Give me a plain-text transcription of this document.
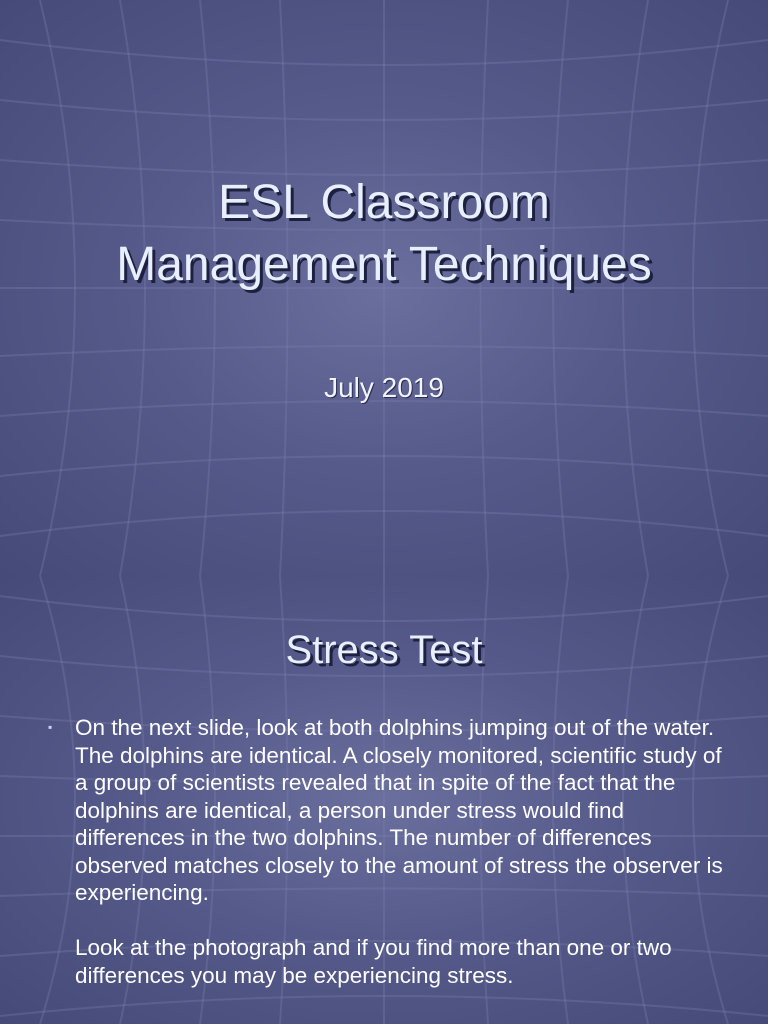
ESL Classroom
Management Techniques
July 2019
Stress Test
▪	On the next slide, look at both dolphins jumping out of the water. The dolphins are identical. A closely monitored, scientific study of a group of scientists revealed that in spite of the fact that the dolphins are identical, a person under stress would find differences in the two dolphins. The number of differences observed matches closely to the amount of stress the observer is experiencing.

Look at the photograph and if you find more than one or two differences you may be experiencing stress.
